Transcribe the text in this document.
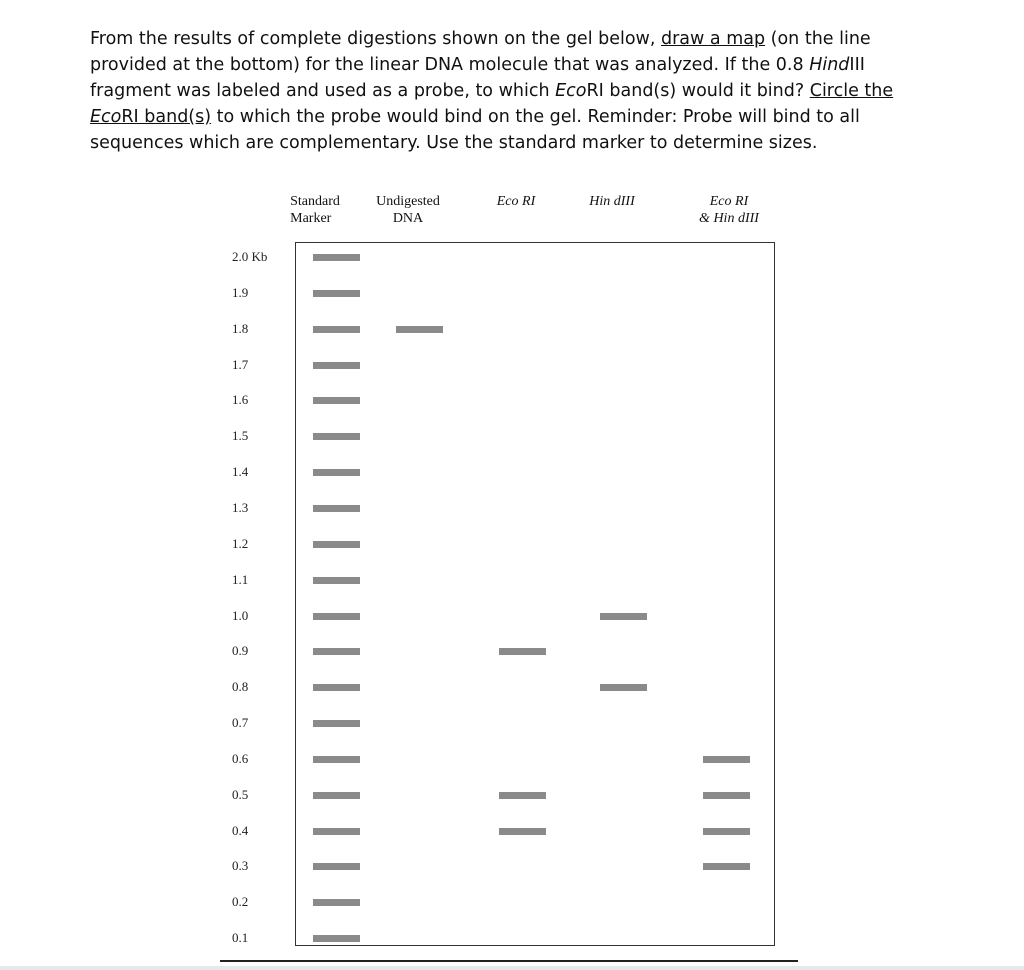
From the results of complete digestions shown on the gel below, draw a map (on the line provided at the bottom) for the linear DNA molecule that was analyzed. If the 0.8 HindIII fragment was labeled and used as a probe, to which EcoRI band(s) would it bind? Circle the EcoRI band(s) to which the probe would bind on the gel. Reminder: Probe will bind to all sequences which are complementary. Use the standard marker to determine sizes.
Standard
Marker
Undigested
DNA
Eco RI	Hin dIII	Eco RI
& Hin dIII
2.0 Kb
1.9
1.8
1.7
1.6
1.5
1.4
1.3
1.2
1.1
1.0
0.9
0.8
0.7
0.6
0.5
0.4
0.3
0.2
0.1
